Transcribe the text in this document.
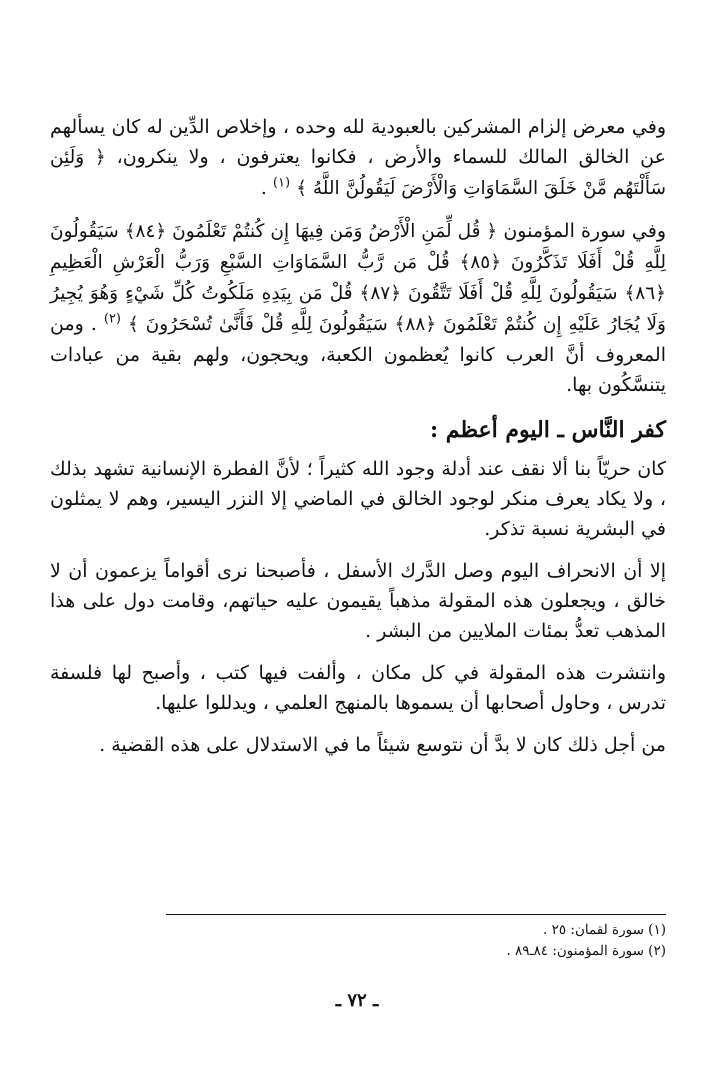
وفي معرض إلزام المشركين بالعبودية لله وحده ، وإخلاص الدِّين له كان يسألهم عن الخالق المالك للسماء والأرض ، فكانوا يعترفون ، ولا ينكرون، ﴿ وَلَئِن سَأَلْتَهُم مَّنْ خَلَقَ السَّمَاوَاتِ وَالْأَرْضَ لَيَقُولُنَّ اللَّهُ ﴾ $^{(١)}$ .

وفي سورة المؤمنون ﴿ قُل لِّمَنِ الْأَرْضُ وَمَن فِيهَا إِن كُنتُمْ تَعْلَمُونَ ﴿٨٤﴾ سَيَقُولُونَ لِلَّهِ قُلْ أَفَلَا تَذَكَّرُونَ ﴿٨٥﴾ قُلْ مَن رَّبُّ السَّمَاوَاتِ السَّبْعِ وَرَبُّ الْعَرْشِ الْعَظِيمِ ﴿٨٦﴾ سَيَقُولُونَ لِلَّهِ قُلْ أَفَلَا تَتَّقُونَ ﴿٨٧﴾ قُلْ مَن بِيَدِهِ مَلَكُوتُ كُلِّ شَيْءٍ وَهُوَ يُجِيرُ وَلَا يُجَارُ عَلَيْهِ إِن كُنتُمْ تَعْلَمُونَ ﴿٨٨﴾ سَيَقُولُونَ لِلَّهِ قُلْ فَأَنَّىٰ تُسْحَرُونَ ﴾ $^{(٢)}$ . ومن المعروف أنَّ العرب كانوا يُعظمون الكعبة، ويحجون، ولهم بقية من عبادات يتنسَّكُون بها.

كفر النَّاس ـ اليوم أعظم :

كان حريّاً بنا ألا نقف عند أدلة وجود الله كثيراً ؛ لأنَّ الفطرة الإنسانية تشهد بذلك ، ولا يكاد يعرف منكر لوجود الخالق في الماضي إلا النزر اليسير، وهم لا يمثلون في البشرية نسبة تذكر.

إلا أن الانحراف اليوم وصل الدَّرك الأسفل ، فأصبحنا نرى أقواماً يزعمون أن لا خالق ، ويجعلون هذه المقولة مذهباً يقيمون عليه حياتهم، وقامت دول على هذا المذهب تعدُّ بمئات الملايين من البشر .

وانتشرت هذه المقولة في كل مكان ، وألفت فيها كتب ، وأصبح لها فلسفة تدرس ، وحاول أصحابها أن يسموها بالمنهج العلمي ، ويدللوا عليها.

من أجل ذلك كان لا بدَّ أن نتوسع شيئاً ما في الاستدلال على هذه القضية .

(١) سورة لقمان: ٢٥ .
(٢) سورة المؤمنون: ٨٤ـ٨٩ .
ـ ٧٢ ـ
